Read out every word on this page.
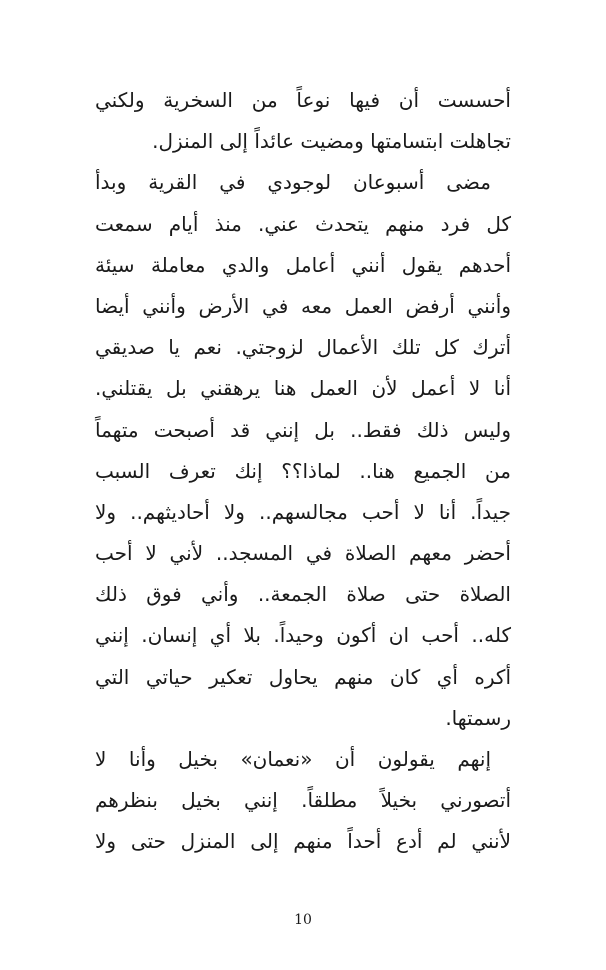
أحسست أن فيها نوعاً من السخرية ولكني
تجاهلت ابتسامتها ومضيت عائداً إلى المنزل.
مضى أسبوعان لوجودي في القرية وبدأ
كل فرد منهم يتحدث عني. منذ أيام سمعت
أحدهم يقول أنني أعامل والدي معاملة سيئة
وأنني أرفض العمل معه في الأرض وأنني أيضا
أترك كل تلك الأعمال لزوجتي. نعم يا صديقي
أنا لا أعمل لأن العمل هنا يرهقني بل يقتلني.
وليس ذلك فقط.. بل إنني قد أصبحت متهماً
من الجميع هنا.. لماذا؟؟ إنك تعرف السبب
جيداً. أنا لا أحب مجالسهم.. ولا أحاديثهم.. ولا
أحضر معهم الصلاة في المسجد.. لأني لا أحب
الصلاة حتى صلاة الجمعة.. وأني فوق ذلك
كله.. أحب ان أكون وحيداً. بلا أي إنسان. إنني
أكره أي كان منهم يحاول تعكير حياتي التي
رسمتها.
إنهم يقولون أن «نعمان» بخيل وأنا لا
أتصورني بخيلاً مطلقاً. إنني بخيل بنظرهم
لأنني لم أدع أحداً منهم إلى المنزل حتى ولا
10
